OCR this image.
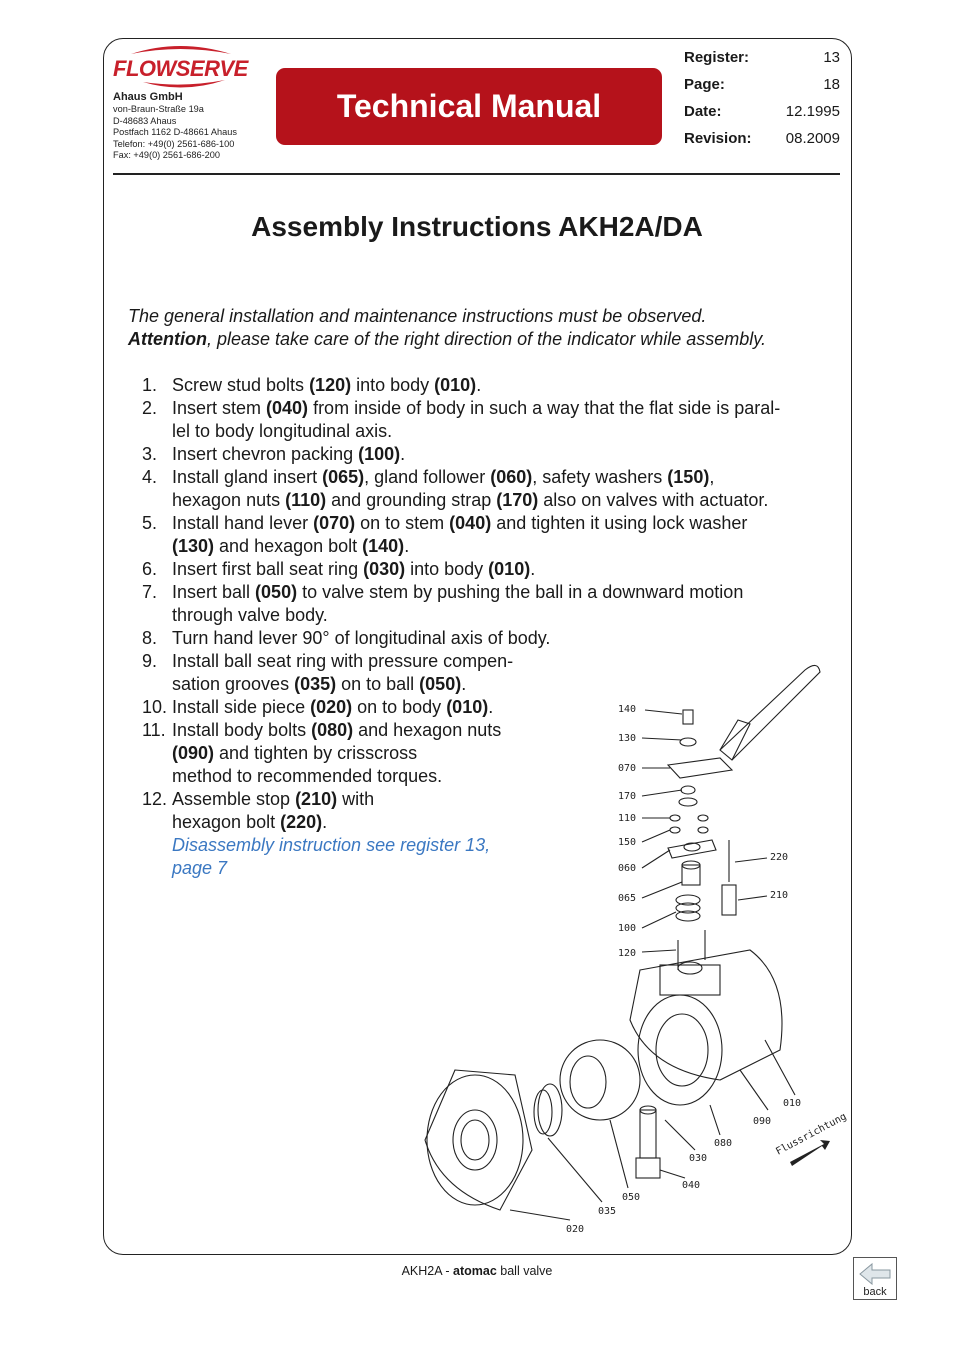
FLOWSERVE
Ahaus GmbH
von-Braun-Straße 19a
D-48683 Ahaus
Postfach 1162 D-48661 Ahaus
Telefon: +49(0) 2561-686-100
Fax: +49(0) 2561-686-200
Technical Manual
Register:	13
Page:	18
Date:	12.1995
Revision: 08.2009
Assembly Instructions AKH2A/DA
The general installation and maintenance instructions must be observed.
Attention, please take care of the right direction of the indicator while assembly.
1. Screw stud bolts (120) into body (010).
2. Insert stem (040) from inside of body in such a way that the flat side is paral-
lel to body longitudinal axis.
3. Insert chevron packing (100).
4. Install gland insert (065), gland follower (060), safety washers (150),
hexagon nuts (110) and grounding strap (170) also on valves with actuator.
5. Install hand lever (070) on to stem (040) and tighten it using lock washer
(130) and hexagon bolt (140).
6. Insert first ball seat ring (030) into body (010).
7. Insert ball (050) to valve stem by pushing the ball in a downward motion
through valve body.
8. Turn hand lever 90° of longitudinal axis of body.
9. Install ball seat ring with pressure compen-
sation grooves (035) on to ball (050).
10. Install side piece (020) on to body (010).
11. Install body bolts (080) and hexagon nuts
(090) and tighten by crisscross
method to recommended torques.
12. Assemble stop (210) with
hexagon bolt (220).
Disassembly instruction see register 13,
page 7
140
130
070
170
110
150
060
065
100
120
220
210
010
090
080
030
040
050
035
020
Flussrichtung
AKH2A - atomac ball valve
back
